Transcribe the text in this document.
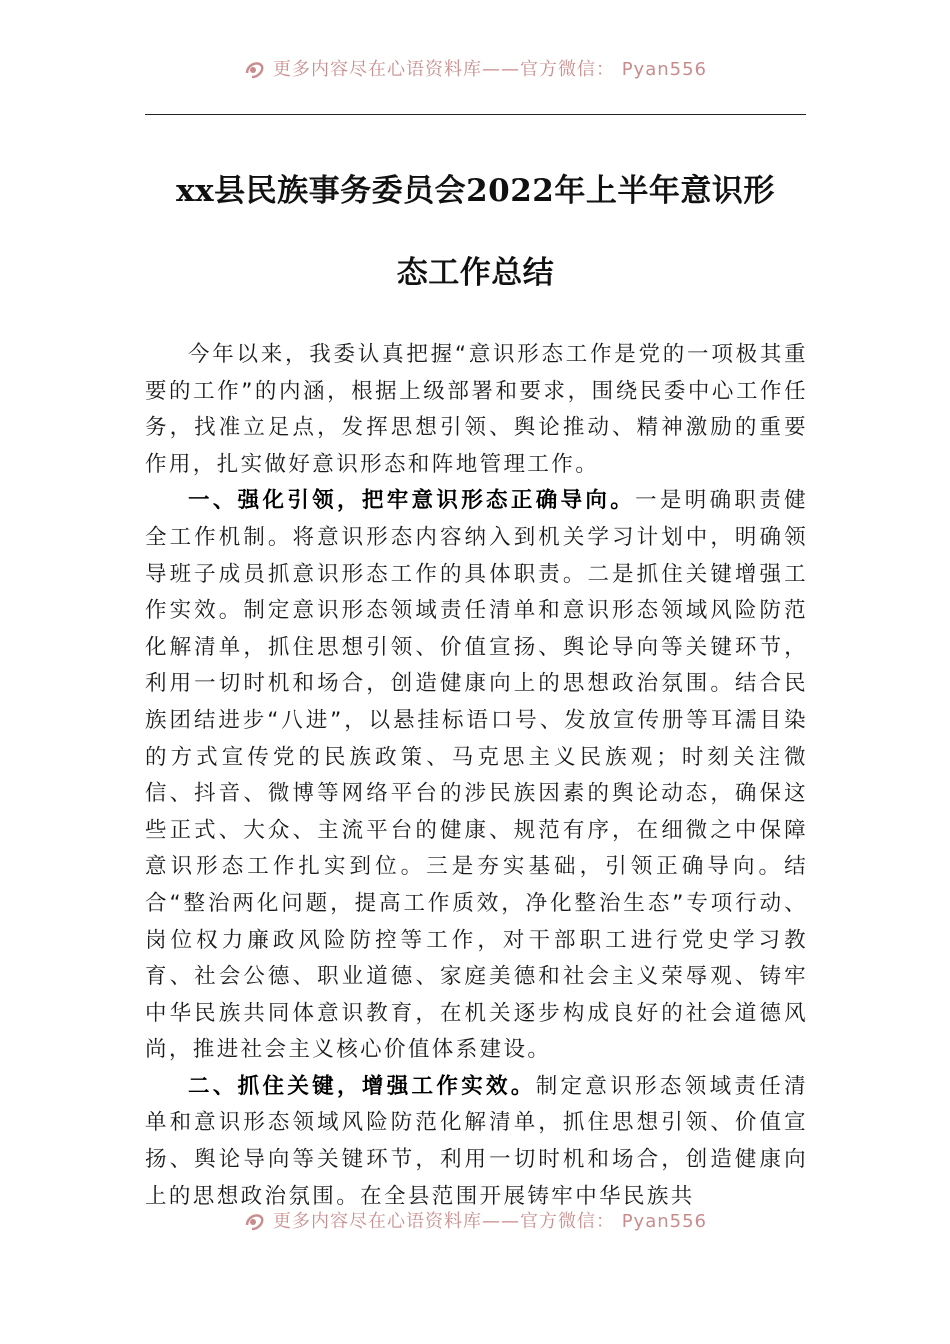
更多内容尽在心语资料库——官方微信： Pyan556
xx县民族事务委员会2022年上半年意识形
态工作总结

今年以来，我委认真把握“意识形态工作是党的一项极其重要的工作”的内涵，根据上级部署和要求，围绕民委中心工作任务，找准立足点，发挥思想引领、舆论推动、精神激励的重要作用，扎实做好意识形态和阵地管理工作。

一、强化引领，把牢意识形态正确导向。一是明确职责健全工作机制。将意识形态内容纳入到机关学习计划中，明确领导班子成员抓意识形态工作的具体职责。二是抓住关键增强工作实效。制定意识形态领域责任清单和意识形态领域风险防范化解清单，抓住思想引领、价值宣扬、舆论导向等关键环节，利用一切时机和场合，创造健康向上的思想政治氛围。结合民族团结进步“八进”，以悬挂标语口号、发放宣传册等耳濡目染的方式宣传党的民族政策、马克思主义民族观；时刻关注微信、抖音、微博等网络平台的涉民族因素的舆论动态，确保这些正式、大众、主流平台的健康、规范有序，在细微之中保障意识形态工作扎实到位。三是夯实基础，引领正确导向。结合“整治两化问题，提高工作质效，净化整治生态”专项行动、岗位权力廉政风险防控等工作，对干部职工进行党史学习教育、社会公德、职业道德、家庭美德和社会主义荣辱观、铸牢中华民族共同体意识教育，在机关逐步构成良好的社会道德风尚，推进社会主义核心价值体系建设。

二、抓住关键，增强工作实效。制定意识形态领域责任清单和意识形态领域风险防范化解清单，抓住思想引领、价值宣扬、舆论导向等关键环节，利用一切时机和场合，创造健康向上的思想政治氛围。在全县范围开展铸牢中华民族共

更多内容尽在心语资料库——官方微信： Pyan556
